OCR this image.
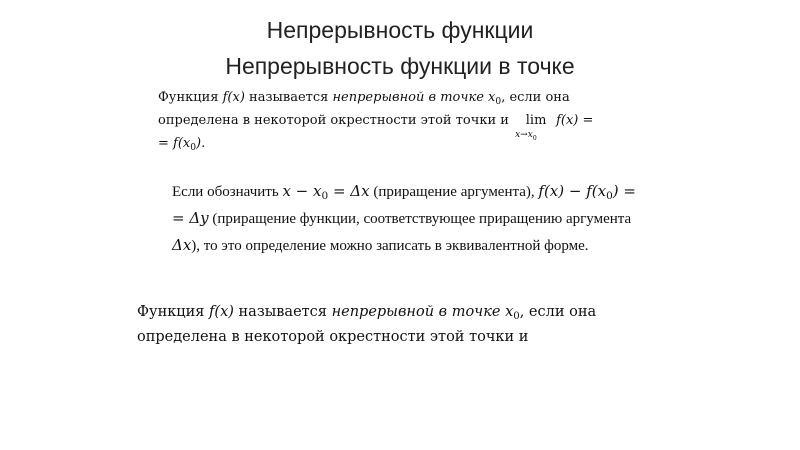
Непрерывность функции
Непрерывность функции в точке
Функция f(x) называется непрерывной в точке $x_0$, если она
определена в некоторой окрестности этой точки и lim
$x\to x_0$
f(x) =
= $f(x_0)$.
Если обозначить $x - x_0 = \Delta x$ (приращение аргумента), $f(x) - f(x_0)$ =
= Δy (приращение функции, соответствующее приращению аргумента
Δx), то это определение можно записать в эквивалентной форме.
Функция f(x) называется непрерывной в точке $x_0$, если она
определена в некоторой окрестности этой точки и
